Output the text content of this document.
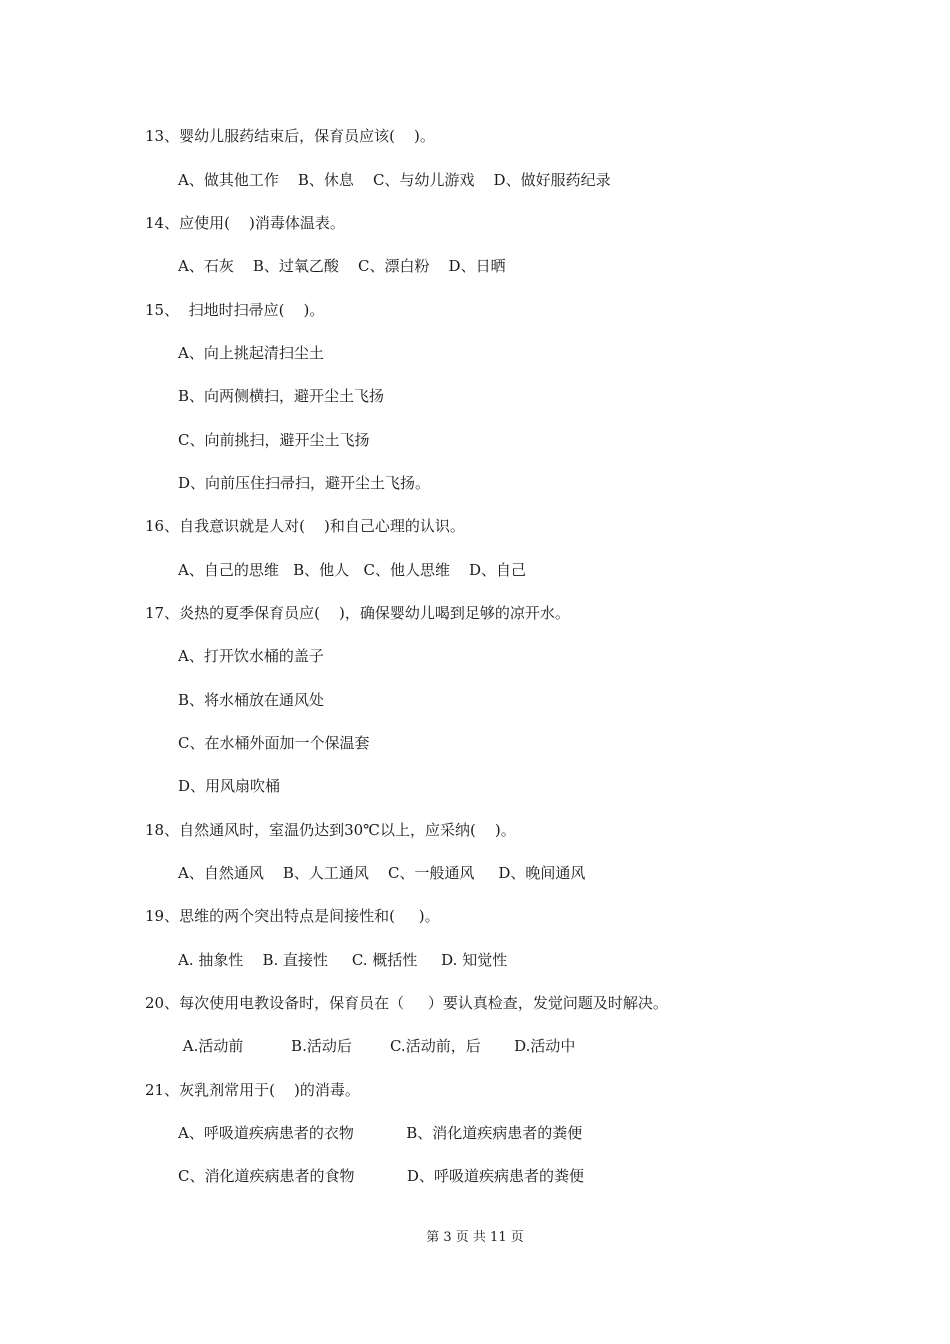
13、婴幼儿服药结束后，保育员应该(    )。
A、做其他工作    B、休息    C、与幼儿游戏    D、做好服药纪录
14、应使用(    )消毒体温表。
A、石灰    B、过氧乙酸    C、漂白粉    D、日晒
15、  扫地时扫帚应(    )。
A、向上挑起清扫尘土
B、向两侧横扫，避开尘土飞扬
C、向前挑扫，避开尘土飞扬
D、向前压住扫帚扫，避开尘土飞扬。
16、自我意识就是人对(    )和自己心理的认识。
A、自己的思维   B、他人   C、他人思维    D、自己
17、炎热的夏季保育员应(    )，确保婴幼儿喝到足够的凉开水。
A、打开饮水桶的盖子
B、将水桶放在通风处
C、在水桶外面加一个保温套
D、用风扇吹桶
18、自然通风时，室温仍达到30℃以上，应采纳(    )。
A、自然通风    B、人工通风    C、一般通风     D、晚间通风
19、思维的两个突出特点是间接性和(     )。
A. 抽象性    B. 直接性     C. 概括性     D. 知觉性
20、每次使用电教设备时，保育员在（     ）要认真检查，发觉问题及时解决。
A.活动前          B.活动后        C.活动前，后       D.活动中
21、灰乳剂常用于(    )的消毒。
A、呼吸道疾病患者的衣物           B、消化道疾病患者的粪便
C、消化道疾病患者的食物           D、呼吸道疾病患者的粪便
第 3 页 共 11 页
